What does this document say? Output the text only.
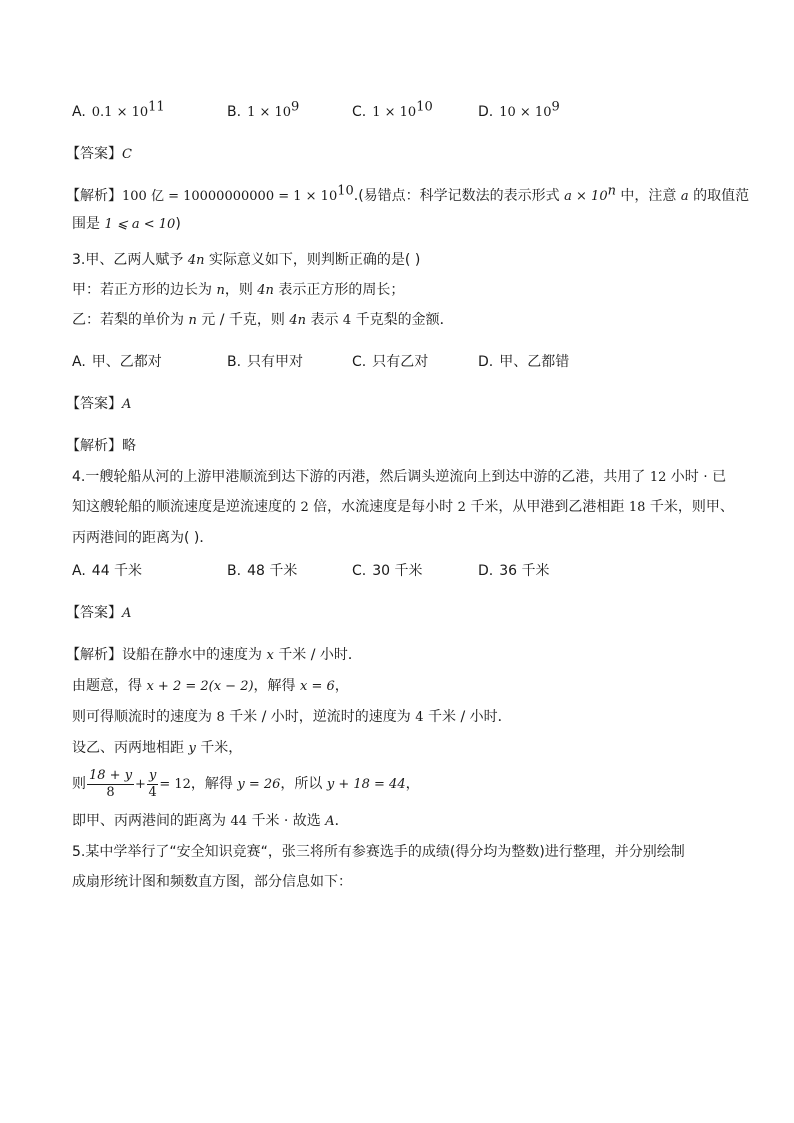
A. $0.1 \times 10^{11}$	B. $1 \times 10^9$	C. $1 \times 10^{10}$	D. $10 \times 10^9$
【答案】C
【解析】100 亿 = $10000000000 = 1 \times 10^{10}$.(易错点：科学记数法的表示形式 $a \times 10^n$ 中，注意 a 的取值范
围是 1 ⩽ a < 10)
3.甲、乙两人赋予 4n 实际意义如下，则判断正确的是( )
甲：若正方形的边长为 n，则 4n 表示正方形的周长；
乙：若梨的单价为 n 元 / 千克，则 4n 表示 4 千克梨的金额．
A. 甲、乙都对	B. 只有甲对	C. 只有乙对	D. 甲、乙都错
【答案】A
【解析】略
4.一艘轮船从河的上游甲港顺流到达下游的丙港，然后调头逆流向上到达中游的乙港，共用了 12 小时 · 已
知这艘轮船的顺流速度是逆流速度的 2 倍，水流速度是每小时 2 千米，从甲港到乙港相距 18 千米，则甲、
丙两港间的距离为( )．
A. 44 千米	B. 48 千米	C. 30 千米	D. 36 千米
【答案】A
【解析】设船在静水中的速度为 x 千米 / 小时．
由题意，得 x + 2 = 2(x − 2)，解得 x = 6，
则可得顺流时的速度为 8 千米 / 小时，逆流时的速度为 4 千米 / 小时．
设乙、丙两地相距 y 千米，
则 $\frac{18 + y}{8} + \frac{y}{4} = 12$，解得 y = 26，所以 y + 18 = 44，
即甲、丙两港间的距离为 44 千米 · 故选 A．
5.某中学举行了“安全知识竞赛“，张三将所有参赛选手的成绩(得分均为整数)进行整理，并分别绘制
成扇形统计图和频数直方图，部分信息如下：
